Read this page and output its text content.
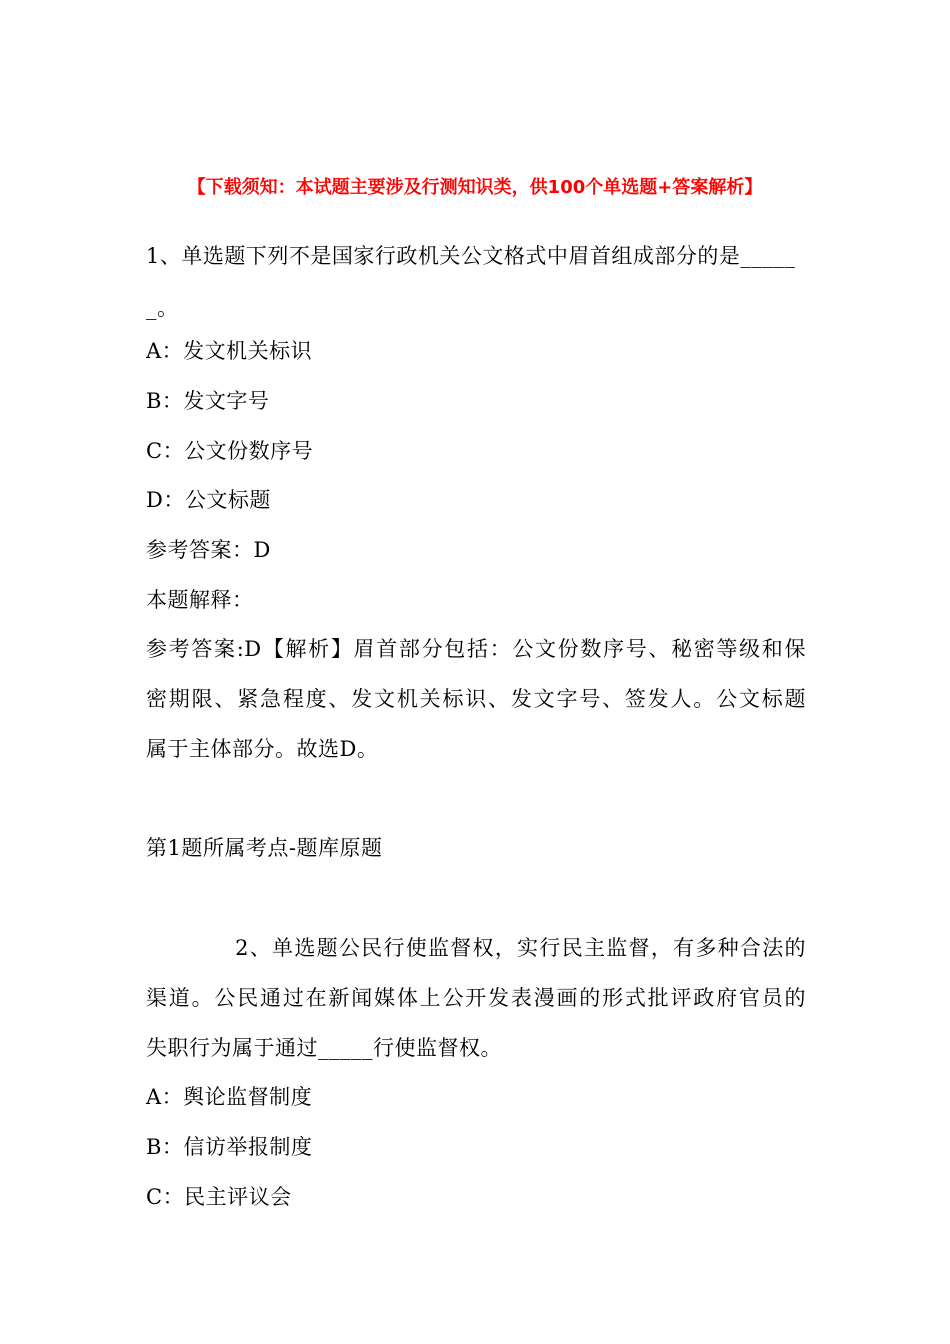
【下载须知：本试题主要涉及行测知识类，供100个单选题+答案解析】
1、单选题下列不是国家行政机关公文格式中眉首组成部分的是_____
_。
A：发文机关标识
B：发文字号
C：公文份数序号
D：公文标题
参考答案：D
本题解释：
参考答案:D【解析】眉首部分包括：公文份数序号、秘密等级和保
密期限、紧急程度、发文机关标识、发文字号、签发人。公文标题
属于主体部分。故选D。
第1题所属考点-题库原题
　　　　2、单选题公民行使监督权，实行民主监督，有多种合法的
渠道。公民通过在新闻媒体上公开发表漫画的形式批评政府官员的
失职行为属于通过_____行使监督权。
A：舆论监督制度
B：信访举报制度
C：民主评议会
